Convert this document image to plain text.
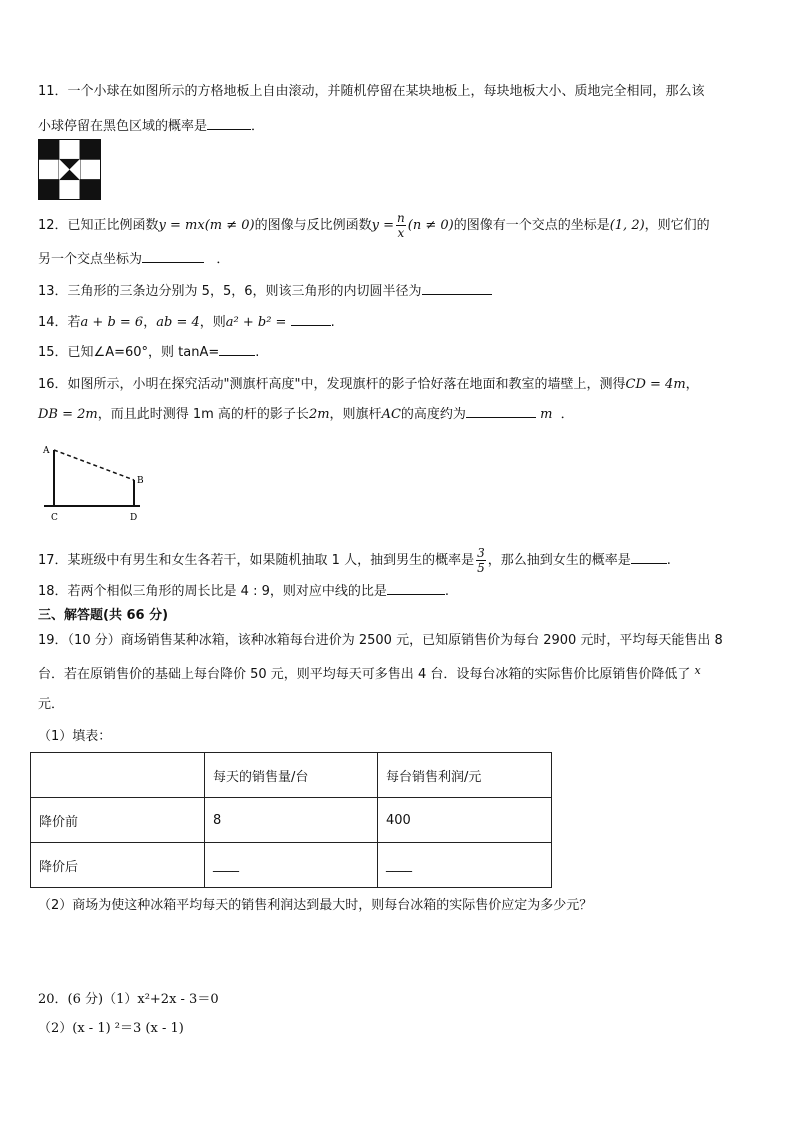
11．一个小球在如图所示的方格地板上自由滚动，并随机停留在某块地板上，每块地板大小、质地完全相同，那么该
小球停留在黑色区域的概率是	．
12．已知正比例函数y = mx(m ≠ 0)的图像与反比例函数$y = \frac{n}{x} (n \ne 0)$的图像有一个交点的坐标是(1, 2)，则它们的
另一个交点坐标为	．
13．三角形的三条边分别为 5，5，6，则该三角形的内切圆半径为
14．若a + b = 6，ab = 4，则a² + b² =	.
15．已知∠A=60°，则 tanA=	.
16．如图所示，小明在探究活动"测旗杆高度"中，发现旗杆的影子恰好落在地面和教室的墙壁上，测得CD = 4m，
DB = 2m，而且此时测得 1m 高的杆的影子长2m，则旗杆AC的高度约为	m ．
A
B
C	D
17．某班级中有男生和女生各若干，如果随机抽取 1 人，抽到男生的概率是 $\frac{3}{5}$ ，那么抽到女生的概率是	.
18．若两个相似三角形的周长比是 4 : 9，则对应中线的比是	.
三、解答题(共 66 分)
19．（10 分）商场销售某种冰箱，该种冰箱每台进价为 2500 元，已知原销售价为每台 2900 元时，平均每天能售出 8
台．若在原销售价的基础上每台降价 50 元，则平均每天可多售出 4 台．设每台冰箱的实际售价比原销售价降低了 $^x$
元．
（1）填表：
	每天的销售量/台	每台销售利润/元
降价前	8	400
降价后	____	____
（2）商场为使这种冰箱平均每天的销售利润达到最大时，则每台冰箱的实际售价应定为多少元？
20．(6 分)（1）x²+2x - 3＝0
（2）(x - 1) ²＝3 (x - 1)
